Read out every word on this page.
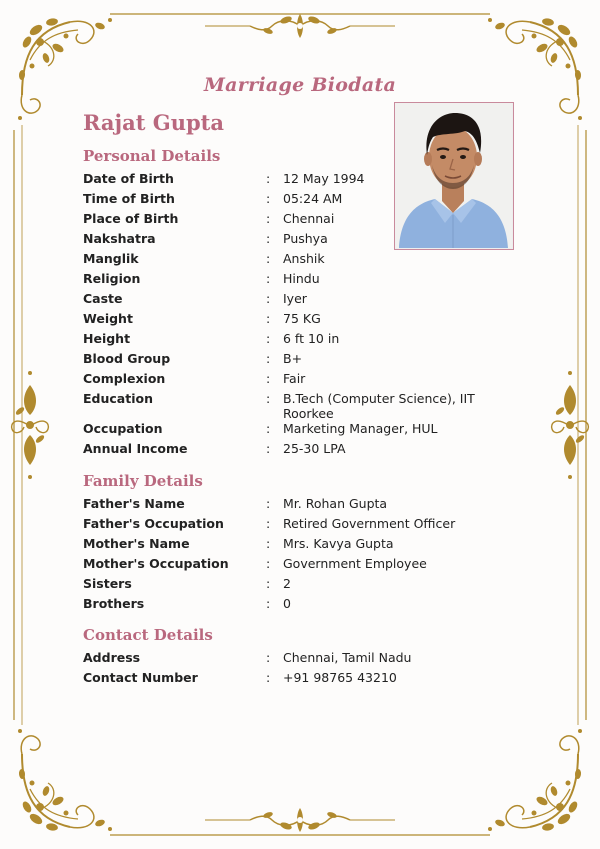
Marriage Biodata
Rajat Gupta
Personal Details
Date of Birth	: 12 May 1994
Time of Birth	: 05:24 AM
Place of Birth	: Chennai
Nakshatra	: Pushya
Manglik	: Anshik
Religion	: Hindu
Caste	: Iyer
Weight	: 75 KG
Height	: 6 ft 10 in
Blood Group	: B+
Complexion	: Fair
Education	: B.Tech (Computer Science), IIT Roorkee
Occupation	: Marketing Manager, HUL
Annual Income	: 25-30 LPA
Family Details
Father's Name	: Mr. Rohan Gupta
Father's Occupation	: Retired Government Officer
Mother's Name	: Mrs. Kavya Gupta
Mother's Occupation	: Government Employee
Sisters	: 2
Brothers	: 0
Contact Details
Address	: Chennai, Tamil Nadu
Contact Number	: +91 98765 43210
